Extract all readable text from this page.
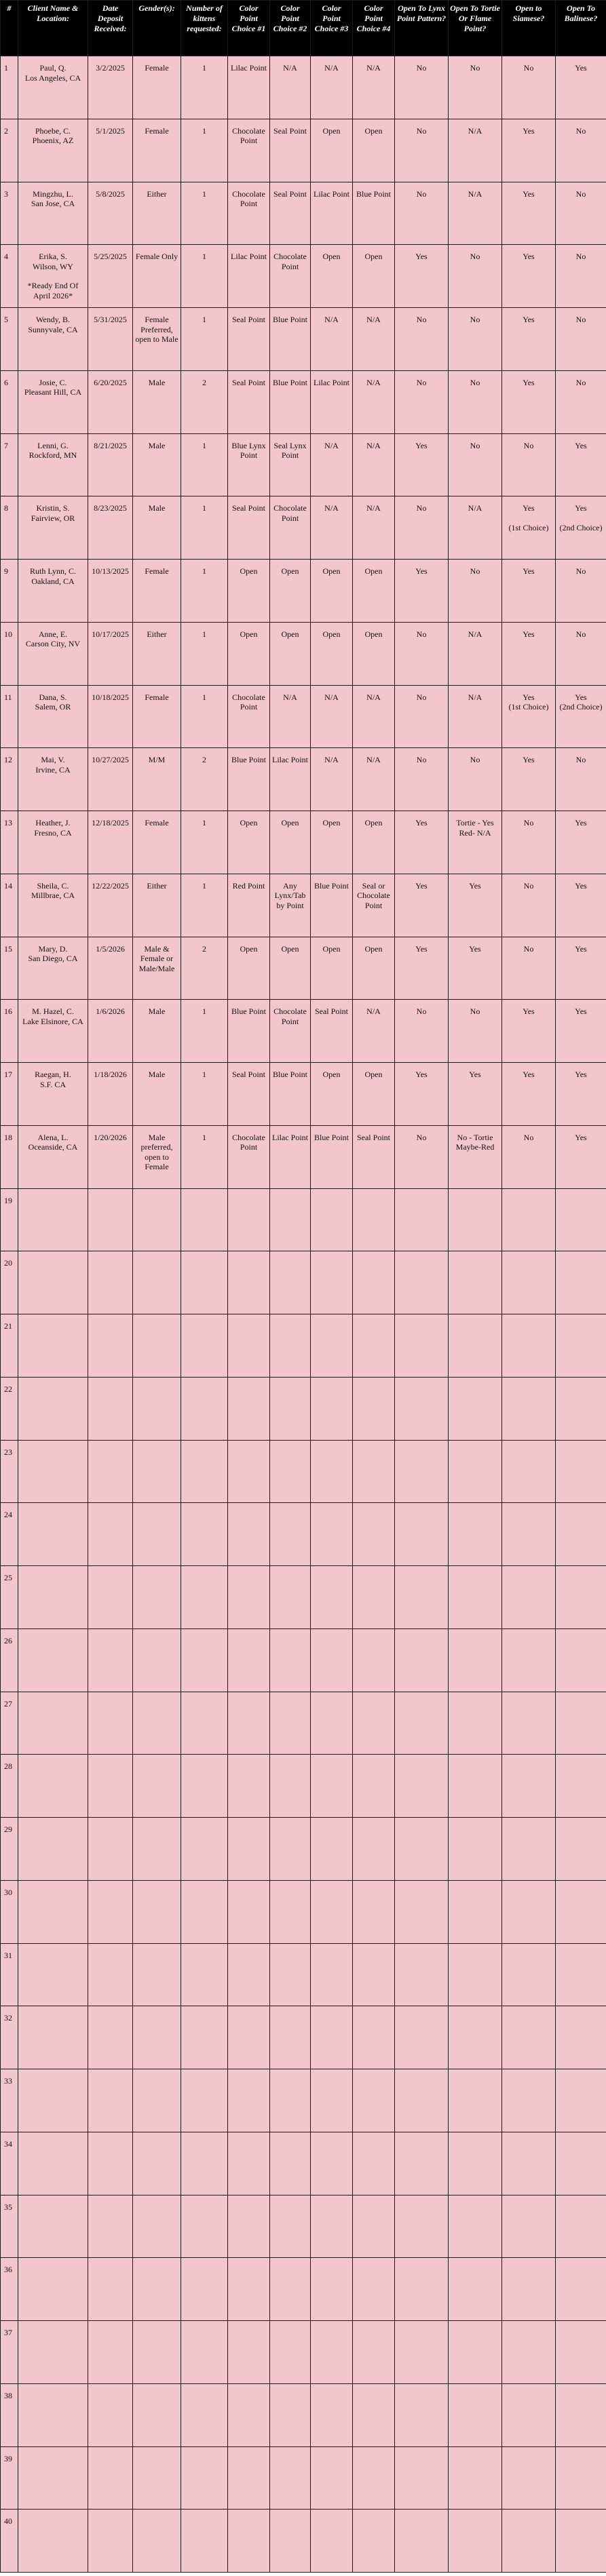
#	Client Name & Location:	Date Deposit Received:	Gender(s):	Number of kittens requested:	Color Point Choice #1	Color Point Choice #2	Color Point Choice #3	Color Point Choice #4	Open To Lynx Point Pattern?	Open To Tortie Or Flame Point?	Open to Siamese?	Open To Balinese?
1	Paul, Q.
Los Angeles, CA	3/2/2025	Female	1	Lilac Point	N/A	N/A	N/A	No	No	No	Yes
2	Phoebe, C.
Phoenix, AZ	5/1/2025	Female	1	Chocolate Point	Seal Point	Open	Open	No	N/A	Yes	No
3	Mingzhu, L.
San Jose, CA	5/8/2025	Either	1	Chocolate Point	Seal Point	Lilac Point	Blue Point	No	N/A	Yes	No
4	Erika, S.
Wilson, WY
*Ready End Of April 2026*	5/25/2025	Female Only	1	Lilac Point	Chocolate Point	Open	Open	Yes	No	Yes	No
5	Wendy, B.
Sunnyvale, CA	5/31/2025	Female Preferred, open to Male	1	Seal Point	Blue Point	N/A	N/A	No	No	Yes	No
6	Josie, C.
Pleasant Hill, CA	6/20/2025	Male	2	Seal Point	Blue Point	Lilac Point	N/A	No	No	Yes	No
7	Lenni, G.
Rockford, MN	8/21/2025	Male	1	Blue Lynx Point	Seal Lynx Point	N/A	N/A	Yes	No	No	Yes
8	Kristin, S.
Fairview, OR	8/23/2025	Male	1	Seal Point	Chocolate Point	N/A	N/A	No	N/A	Yes
(1st Choice)	Yes
(2nd Choice)

9	Ruth Lynn, C.
Oakland, CA	10/13/2025	Female	1	Open	Open	Open	Open	Yes	No	Yes	No
10	Anne, E.
Carson City, NV	10/17/2025	Either	1	Open	Open	Open	Open	No	N/A	Yes	No
11	Dana, S.
Salem, OR	10/18/2025	Female	1	Chocolate Point	N/A	N/A	N/A	No	N/A	Yes
(1st Choice)	Yes
(2nd Choice)

12	Mai, V.
Irvine, CA	10/27/2025	M/M	2	Blue Point	Lilac Point	N/A	N/A	No	No	Yes	No
13	Heather, J.
Fresno, CA	12/18/2025	Female	1	Open	Open	Open	Open	Yes	Tortie - Yes Red- N/A	No	Yes
14	Sheila, C.
Millbrae, CA	12/22/2025	Either	1	Red Point	Any Lynx/Tab by Point	Blue Point	Seal or Chocolate Point	Yes	Yes	No	Yes
15	Mary, D.
San Diego, CA	1/5/2026	Male & Female or Male/Male	2	Open	Open	Open	Open	Yes	Yes	No	Yes
16	M. Hazel, C.
Lake Elsinore, CA	1/6/2026	Male	1	Blue Point	Chocolate Point	Seal Point	N/A	No	No	Yes	Yes
17	Raegan, H.
S.F. CA	1/18/2026	Male	1	Seal Point	Blue Point	Open	Open	Yes	Yes	Yes	Yes
18	Alena, L.
Oceanside, CA	1/20/2026	Male preferred, open to Female	1	Chocolate Point	Lilac Point	Blue Point	Seal Point	No	No - Tortie Maybe-Red	No	Yes
19												
20												
21												
22												
23												
24												
25												
26												
27												
28												
29												
30												
31												
32												
33												
34												
35												
36												
37												
38												
39												
40												
